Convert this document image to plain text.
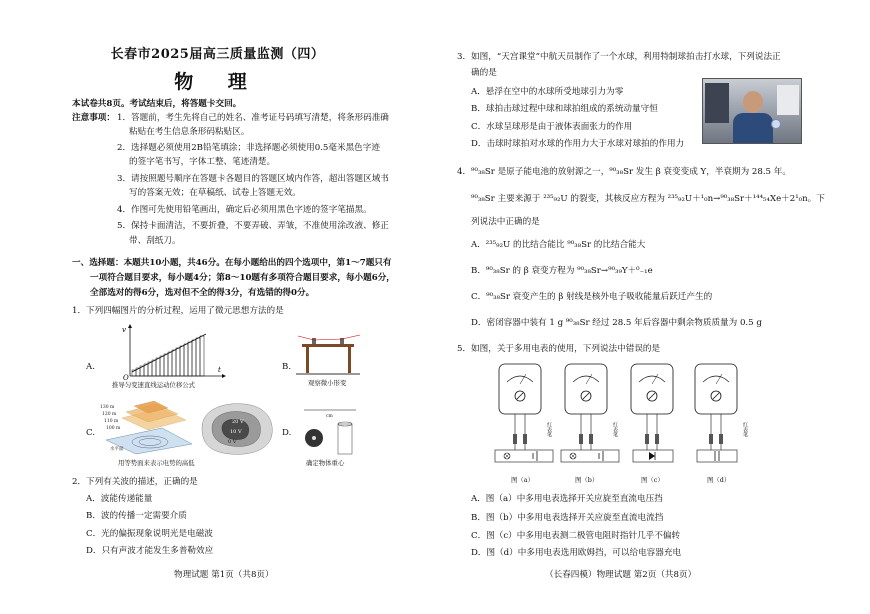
长春市2025届高三质量监测（四）
物 理
本试卷共8页。考试结束后，将答题卡交回。
注意事项： 1．答题前，考生先将自己的姓名、准考证号码填写清楚，将条形码准确
粘贴在考生信息条形码粘贴区。
2．选择题必须使用2B铅笔填涂；非选择题必须使用0.5毫米黑色字迹
的签字笔书写，字体工整、笔迹清楚。
3．请按照题号顺序在答题卡各题目的答题区域内作答，超出答题区域书
写的答案无效；在草稿纸、试卷上答题无效。
4．作图可先使用铅笔画出，确定后必须用黑色字迹的签字笔描黑。
5．保持卡面清洁，不要折叠，不要弄破、弄皱，不准使用涂改液、修正
带、刮纸刀。
一、选择题：本题共10小题，共46分。在每小题给出的四个选项中，第1～7题只有
一项符合题目要求，每小题4分；第8～10题有多项符合题目要求，每小题6分，
全部选对的得6分，选对但不全的得3分，有选错的得0分。
1．下列四幅图片的分析过程，运用了微元思想方法的是
A.	B.
C.	D.
v
t
O
推导匀变速直线运动位移公式	观察微小形变
130 m
120 m
110 m
100 m
水平面
20 V
10 V
0 V
用等势面来表示电势的高低
cm
确定物体重心
2．下列有关波的描述，正确的是
A．波能传递能量
B．波的传播一定需要介质
C．光的偏振现象说明光是电磁波
D．只有声波才能发生多普勒效应
物理试题 第1页（共8页）
3．如图，“天宫课堂”中航天员制作了一个水球，利用特制球拍击打水球，下列说法正
确的是
A．悬浮在空中的水球所受地球引力为零
B．球拍击球过程中球和球拍组成的系统动量守恒
C．水球呈球形是由于液体表面张力的作用
D．击球时球拍对水球的作用力大于水球对球拍的作用力
4．⁹⁰₃₈Sr 是原子能电池的放射源之一，⁹⁰₃₈Sr 发生 β 衰变变成 Y，半衰期为 28.5 年。
⁹⁰₃₈Sr 主要来源于 ²³⁵₉₂U 的裂变，其核反应方程为 ²³⁵₉₂U＋¹₀n→⁹⁰₃₈Sr＋¹⁴⁴₅₄Xe＋2¹₀n。下
列说法中正确的是
A．²³⁵₉₂U 的比结合能比 ⁹⁰₃₈Sr 的比结合能大
B．⁹⁰₃₈Sr 的 β 衰变方程为 ⁹⁰₃₈Sr→⁹⁰₃₉Y＋⁰₋₁e
C．⁹⁰₃₈Sr 衰变产生的 β 射线是核外电子吸收能量后跃迁产生的
D．密闭容器中装有 1 g ⁹⁰₃₈Sr 经过 28.5 年后容器中剩余物质质量为 0.5 g
5．如图，关于多用电表的使用，下列说法中错误的是
红表笔	红表笔	红表笔
图（a）	图（b）	图（c）	图（d）
A．图（a）中多用电表选择开关应旋至直流电压挡
B．图（b）中多用电表选择开关应旋至直流电流挡
C．图（c）中多用电表测二极管电阻时指针几乎不偏转
D．图（d）中多用电表选用欧姆挡，可以给电容器充电
（长春四模）物理试题 第2页（共8页）
